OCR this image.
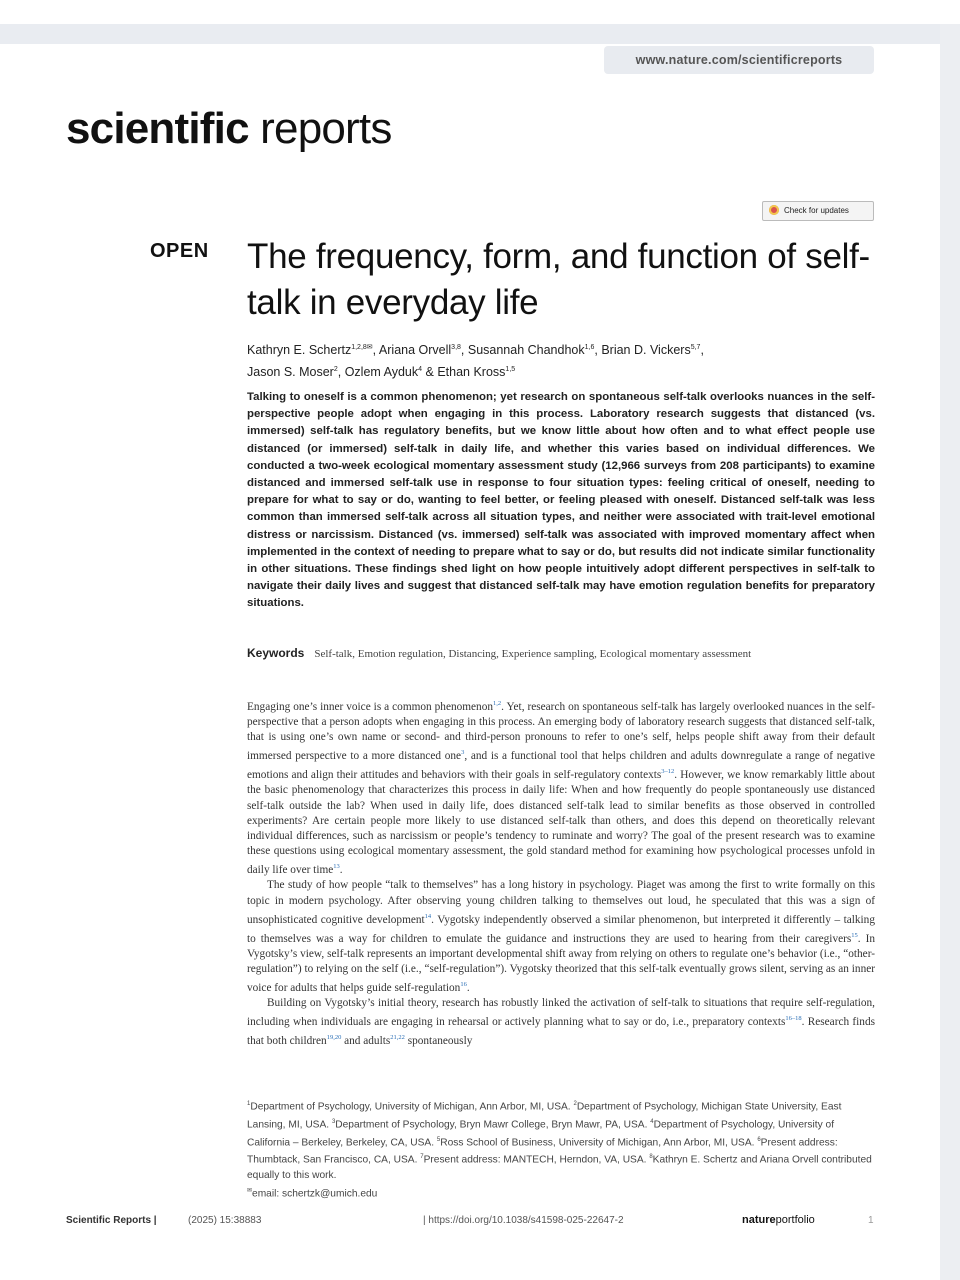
www.nature.com/scientificreports
scientific reports
Check for updates
OPEN The frequency, form, and function of self-talk in everyday life
Kathryn E. Schertz$^{1,2,8✉}$, Ariana Orvell$^{3,8}$, Susannah Chandhok$^{1,6}$, Brian D. Vickers$^{5,7}$,
Jason S. Moser$^2$, Ozlem Ayduk$^4$ & Ethan Kross$^{1,5}$
Talking to oneself is a common phenomenon; yet research on spontaneous self-talk overlooks nuances in the self-perspective people adopt when engaging in this process. Laboratory research suggests that distanced (vs. immersed) self-talk has regulatory benefits, but we know little about how often and to what effect people use distanced (or immersed) self-talk in daily life, and whether this varies based on individual differences. We conducted a two-week ecological momentary assessment study (12,966 surveys from 208 participants) to examine distanced and immersed self-talk use in response to four situation types: feeling critical of oneself, needing to prepare for what to say or do, wanting to feel better, or feeling pleased with oneself. Distanced self-talk was less common than immersed self-talk across all situation types, and neither were associated with trait-level emotional distress or narcissism. Distanced (vs. immersed) self-talk was associated with improved momentary affect when implemented in the context of needing to prepare what to say or do, but results did not indicate similar functionality in other situations. These findings shed light on how people intuitively adopt different perspectives in self-talk to navigate their daily lives and suggest that distanced self-talk may have emotion regulation benefits for preparatory situations.
Keywords Self-talk, Emotion regulation, Distancing, Experience sampling, Ecological momentary assessment

Engaging one’s inner voice is a common phenomenon$^{1,2}$. Yet, research on spontaneous self-talk has largely overlooked nuances in the self-perspective that a person adopts when engaging in this process. An emerging body of laboratory research suggests that distanced self-talk, that is using one’s own name or second- and third-person pronouns to refer to one’s self, helps people shift away from their default immersed perspective to a more distanced one$^3$, and is a functional tool that helps children and adults downregulate a range of negative emotions and align their attitudes and behaviors with their goals in self-regulatory contexts$^{3-12}$. However, we know remarkably little about the basic phenomenology that characterizes this process in daily life: When and how frequently do people spontaneously use distanced self-talk outside the lab? When used in daily life, does distanced self-talk lead to similar benefits as those observed in controlled experiments? Are certain people more likely to use distanced self-talk than others, and does this depend on theoretically relevant individual differences, such as narcissism or people’s tendency to ruminate and worry? The goal of the present research was to examine these questions using ecological momentary assessment, the gold standard method for examining how psychological processes unfold in daily life over time$^{13}$.

The study of how people “talk to themselves” has a long history in psychology. Piaget was among the first to write formally on this topic in modern psychology. After observing young children talking to themselves out loud, he speculated that this was a sign of unsophisticated cognitive development$^{14}$. Vygotsky independently observed a similar phenomenon, but interpreted it differently – talking to themselves was a way for children to emulate the guidance and instructions they are used to hearing from their caregivers$^{15}$. In Vygotsky’s view, self-talk represents an important developmental shift away from relying on others to regulate one’s behavior (i.e., “other-regulation”) to relying on the self (i.e., “self-regulation”). Vygotsky theorized that this self-talk eventually grows silent, serving as an inner voice for adults that helps guide self-regulation$^{16}$.

Building on Vygotsky’s initial theory, research has robustly linked the activation of self-talk to situations that require self-regulation, including when individuals are engaging in rehearsal or actively planning what to say or do, i.e., preparatory contexts$^{16-18}$. Research finds that both children$^{19,20}$ and adults$^{21,22}$ spontaneously

$^1$Department of Psychology, University of Michigan, Ann Arbor, MI, USA. $^2$Department of Psychology, Michigan State University, East Lansing, MI, USA. $^3$Department of Psychology, Bryn Mawr College, Bryn Mawr, PA, USA. $^4$Department of Psychology, University of California – Berkeley, Berkeley, CA, USA. $^5$Ross School of Business, University of Michigan, Ann Arbor, MI, USA. $^6$Present address: Thumbtack, San Francisco, CA, USA. $^7$Present address: MANTECH, Herndon, VA, USA. $^8$Kathryn E. Schertz and Ariana Orvell contributed equally to this work.
✉email: schertzk@umich.edu
Scientific Reports |	(2025) 15:38883	| https://doi.org/10.1038/s41598-025-22647-2	natureportfolio	1
